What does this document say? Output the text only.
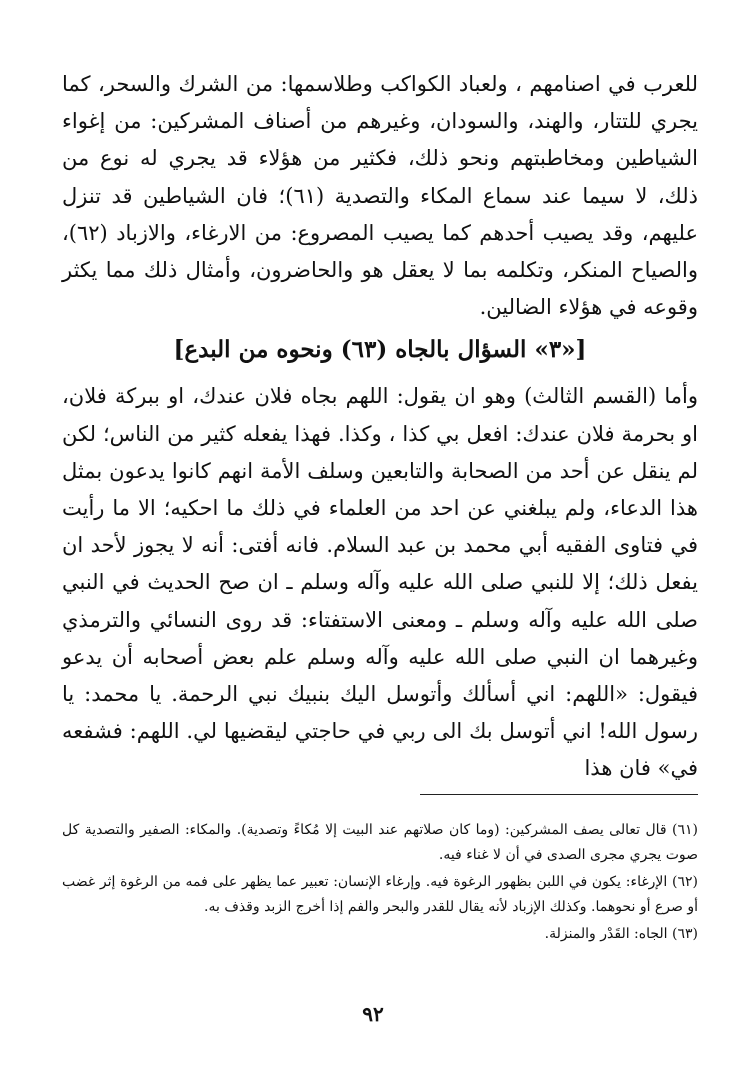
للعرب في اصنامهم ، ولعباد الكواكب وطلاسمها: من الشرك والسحر، كما يجري للتتار، والهند، والسودان، وغيرهم من أصناف المشركين: من إغواء الشياطين ومخاطبتهم ونحو ذلك، فكثير من هؤلاء قد يجري له نوع من ذلك، لا سيما عند سماع المكاء والتصدية (٦١)؛ فان الشياطين قد تنزل عليهم، وقد يصيب أحدهم كما يصيب المصروع: من الارغاء، والازباد (٦٢)، والصياح المنكر، وتكلمه بما لا يعقل هو والحاضرون، وأمثال ذلك مما يكثر وقوعه في هؤلاء الضالين.

[«٣» السؤال بالجاه (٦٣) ونحوه من البدع]

وأما (القسم الثالث) وهو ان يقول: اللهم بجاه فلان عندك، او ببركة فلان، او بحرمة فلان عندك: افعل بي كذا ، وكذا. فهذا يفعله كثير من الناس؛ لكن لم ينقل عن أحد من الصحابة والتابعين وسلف الأمة انهم كانوا يدعون بمثل هذا الدعاء، ولم يبلغني عن احد من العلماء في ذلك ما احكيه؛ الا ما رأيت في فتاوى الفقيه أبي محمد بن عبد السلام. فانه أفتى: أنه لا يجوز لأحد ان يفعل ذلك؛ إلا للنبي صلى الله عليه وآله وسلم ـ ان صح الحديث في النبي صلى الله عليه وآله وسلم ـ ومعنى الاستفتاء: قد روى النسائي والترمذي وغيرهما ان النبي صلى الله عليه وآله وسلم علم بعض أصحابه أن يدعو فيقول: «اللهم: اني أسألك وأتوسل اليك بنبيك نبي الرحمة. يا محمد: يا رسول الله! اني أتوسل بك الى ربي في حاجتي ليقضيها لي. اللهم: فشفعه في» فان هذا

(٦١) قال تعالى يصف المشركين: (وما كان صلاتهم عند البيت إلا مُكاءً وتصدية). والمكاء: الصفير والتصدية كل صوت يجري مجرى الصدى في أن لا غناء فيه.

(٦٢) الإرغاء: يكون في اللبن بظهور الرغوة فيه. وإرغاء الإنسان: تعبير عما يظهر على فمه من الرغوة إثر غضب أو صرع أو نحوهما. وكذلك الإزباد لأنه يقال للقدر والبحر والفم إذا أخرج الزبد وقذف به.

(٦٣) الجاه: القَدْر والمنزلة.

٩٢
